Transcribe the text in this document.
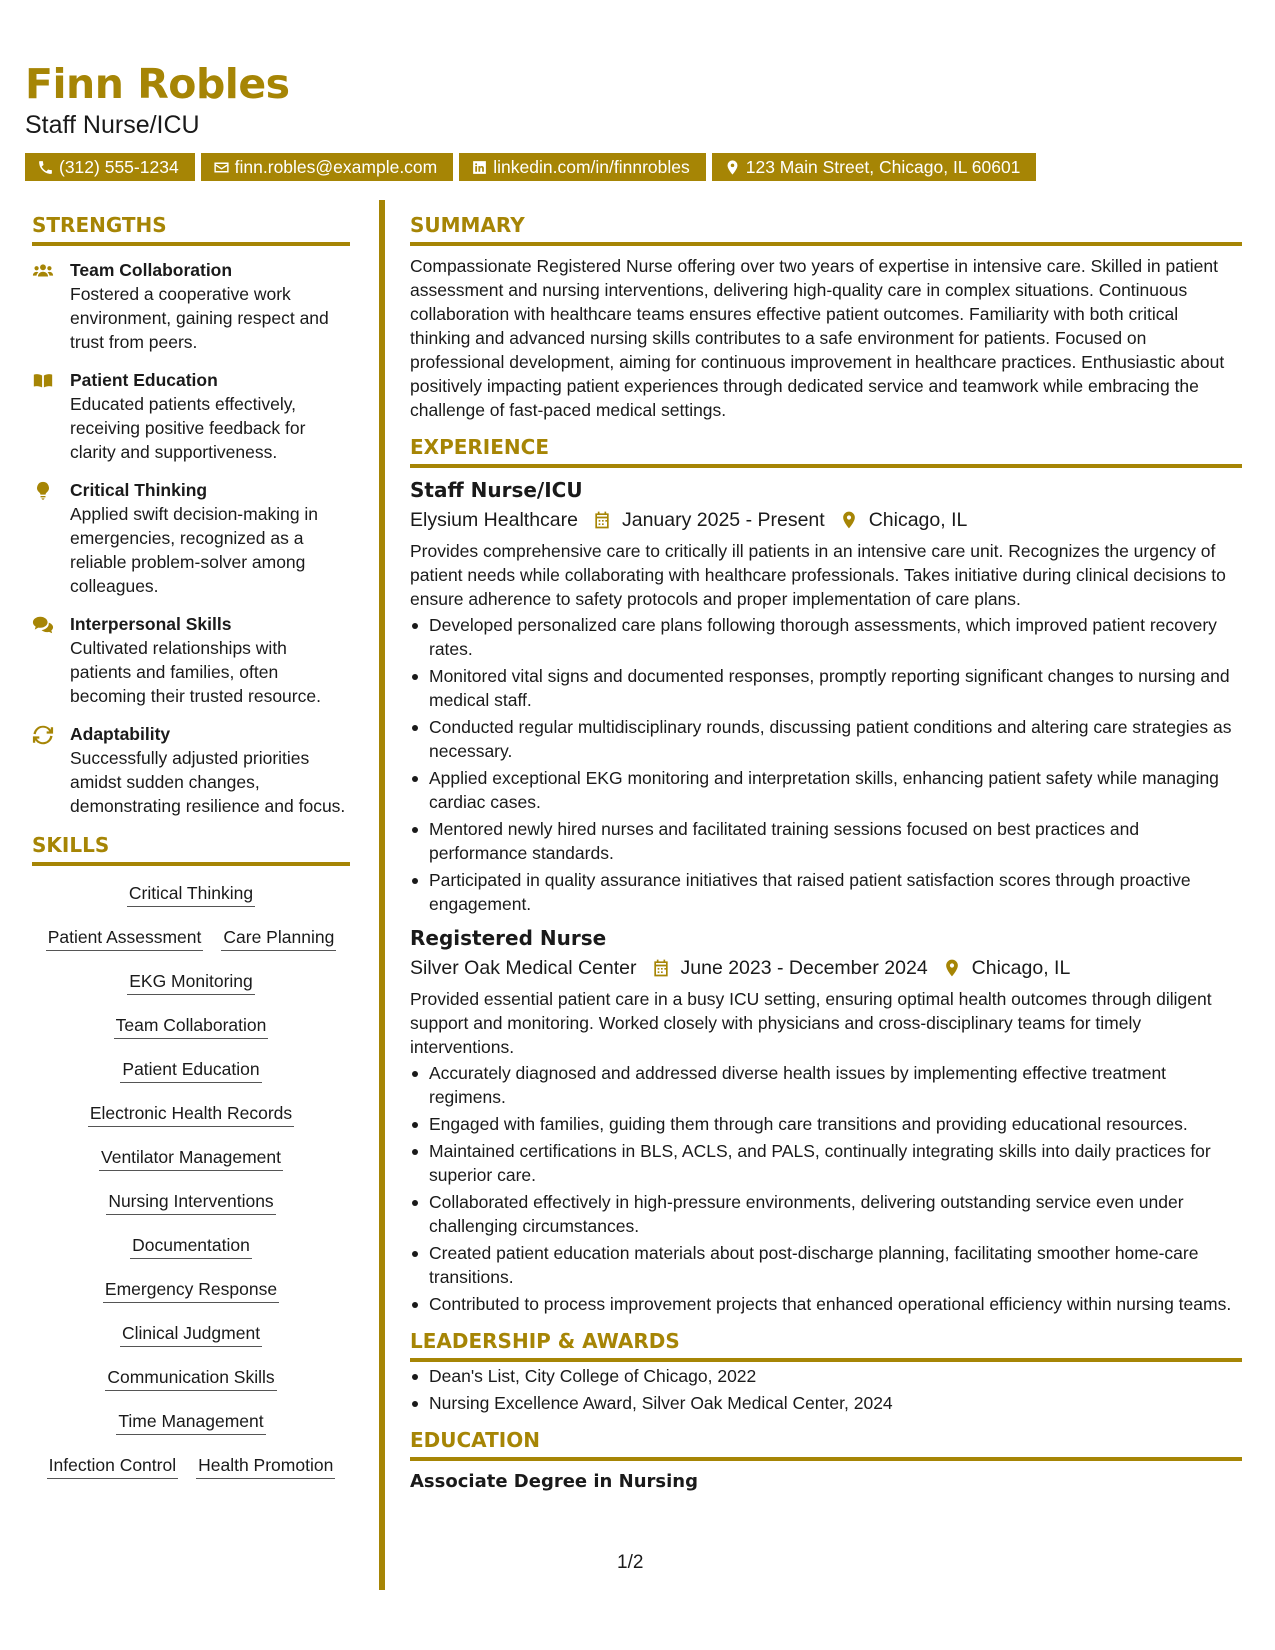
Finn Robles
Staff Nurse/ICU
(312) 555-1234	finn.robles@example.com	linkedin.com/in/finnrobles	123 Main Street, Chicago, IL 60601
STRENGTHS
Team Collaboration
Fostered a cooperative work environment, gaining respect and trust from peers.
Patient Education
Educated patients effectively, receiving positive feedback for clarity and supportiveness.
Critical Thinking
Applied swift decision-making in emergencies, recognized as a reliable problem-solver among colleagues.
Interpersonal Skills
Cultivated relationships with patients and families, often becoming their trusted resource.
Adaptability
Successfully adjusted priorities amidst sudden changes, demonstrating resilience and focus.
SKILLS
Critical Thinking
Patient Assessment Care Planning
EKG Monitoring
Team Collaboration
Patient Education
Electronic Health Records
Ventilator Management
Nursing Interventions
Documentation
Emergency Response
Clinical Judgment
Communication Skills
Time Management
Infection Control Health Promotion
SUMMARY
Compassionate Registered Nurse offering over two years of expertise in intensive care. Skilled in patient assessment and nursing interventions, delivering high-quality care in complex situations. Continuous collaboration with healthcare teams ensures effective patient outcomes. Familiarity with both critical thinking and advanced nursing skills contributes to a safe environment for patients. Focused on professional development, aiming for continuous improvement in healthcare practices. Enthusiastic about positively impacting patient experiences through dedicated service and teamwork while embracing the challenge of fast-paced medical settings.
EXPERIENCE
Staff Nurse/ICU
Elysium Healthcare January 2025 - Present Chicago, IL
Provides comprehensive care to critically ill patients in an intensive care unit. Recognizes the urgency of patient needs while collaborating with healthcare professionals. Takes initiative during clinical decisions to ensure adherence to safety protocols and proper implementation of care plans.
Developed personalized care plans following thorough assessments, which improved patient recovery rates.
Monitored vital signs and documented responses, promptly reporting significant changes to nursing and medical staff.
Conducted regular multidisciplinary rounds, discussing patient conditions and altering care strategies as necessary.
Applied exceptional EKG monitoring and interpretation skills, enhancing patient safety while managing cardiac cases.
Mentored newly hired nurses and facilitated training sessions focused on best practices and performance standards.
Participated in quality assurance initiatives that raised patient satisfaction scores through proactive engagement.
Registered Nurse
Silver Oak Medical Center June 2023 - December 2024 Chicago, IL
Provided essential patient care in a busy ICU setting, ensuring optimal health outcomes through diligent support and monitoring. Worked closely with physicians and cross-disciplinary teams for timely interventions.
Accurately diagnosed and addressed diverse health issues by implementing effective treatment regimens.
Engaged with families, guiding them through care transitions and providing educational resources.
Maintained certifications in BLS, ACLS, and PALS, continually integrating skills into daily practices for superior care.
Collaborated effectively in high-pressure environments, delivering outstanding service even under challenging circumstances.
Created patient education materials about post-discharge planning, facilitating smoother home-care transitions.
Contributed to process improvement projects that enhanced operational efficiency within nursing teams.
LEADERSHIP & AWARDS
Dean's List, City College of Chicago, 2022
Nursing Excellence Award, Silver Oak Medical Center, 2024
EDUCATION
Associate Degree in Nursing
1/2
